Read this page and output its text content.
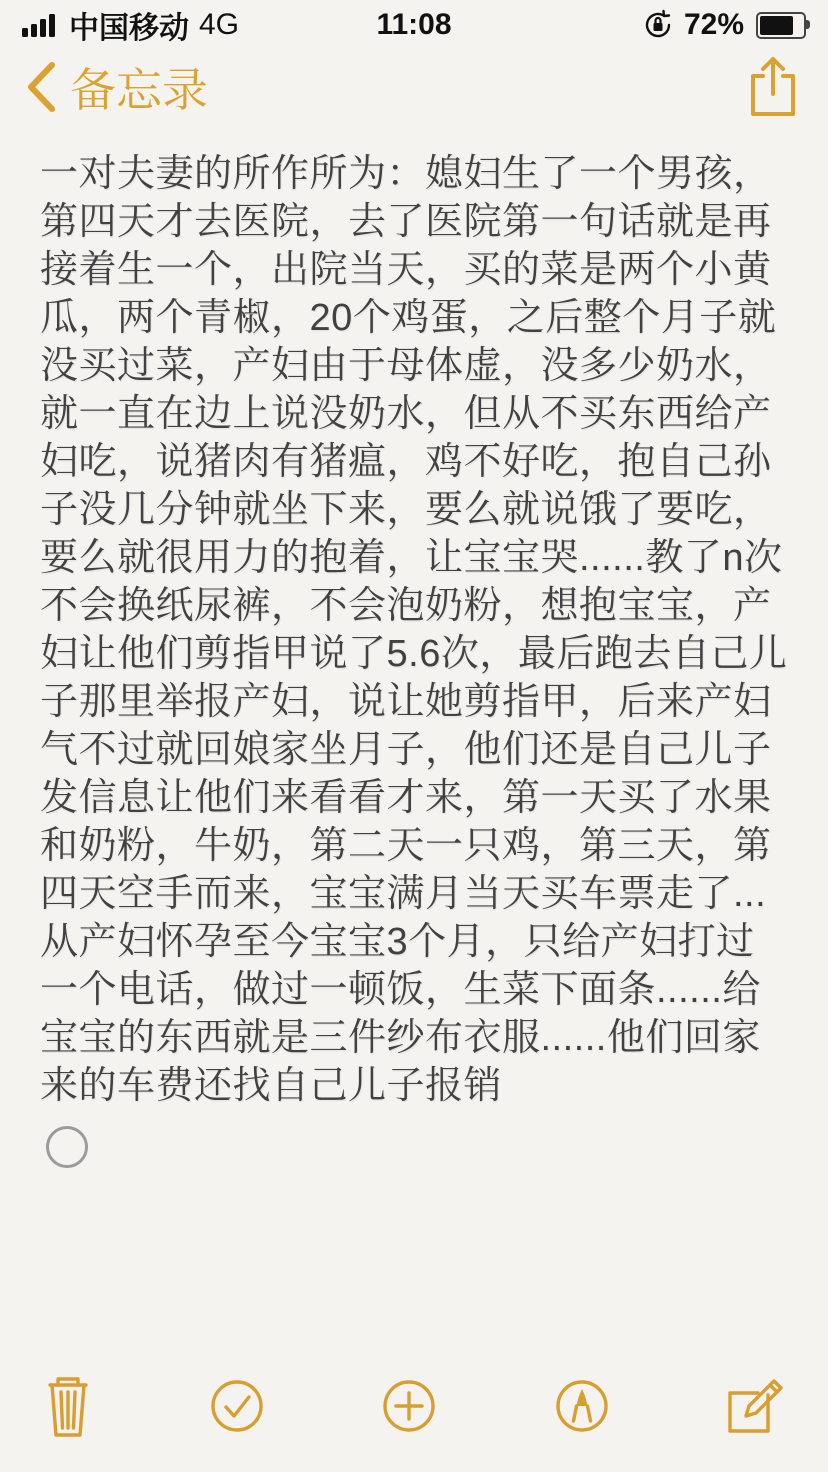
中国移动 4G	11:08	72%
备忘录

一对夫妻的所作所为：媳妇生了一个男孩，第四天才去医院，去了医院第一句话就是再接着生一个，出院当天，买的菜是两个小黄瓜，两个青椒，20个鸡蛋，之后整个月子就没买过菜，产妇由于母体虚，没多少奶水，就一直在边上说没奶水，但从不买东西给产妇吃，说猪肉有猪瘟，鸡不好吃，抱自己孙子没几分钟就坐下来，要么就说饿了要吃，要么就很用力的抱着，让宝宝哭......教了n次不会换纸尿裤，不会泡奶粉，想抱宝宝，产妇让他们剪指甲说了5.6次，最后跑去自己儿子那里举报产妇，说让她剪指甲，后来产妇气不过就回娘家坐月子，他们还是自己儿子发信息让他们来看看才来，第一天买了水果和奶粉，牛奶，第二天一只鸡，第三天，第四天空手而来，宝宝满月当天买车票走了...从产妇怀孕至今宝宝3个月，只给产妇打过一个电话，做过一顿饭，生菜下面条......给宝宝的东西就是三件纱布衣服......他们回家来的车费还找自己儿子报销
